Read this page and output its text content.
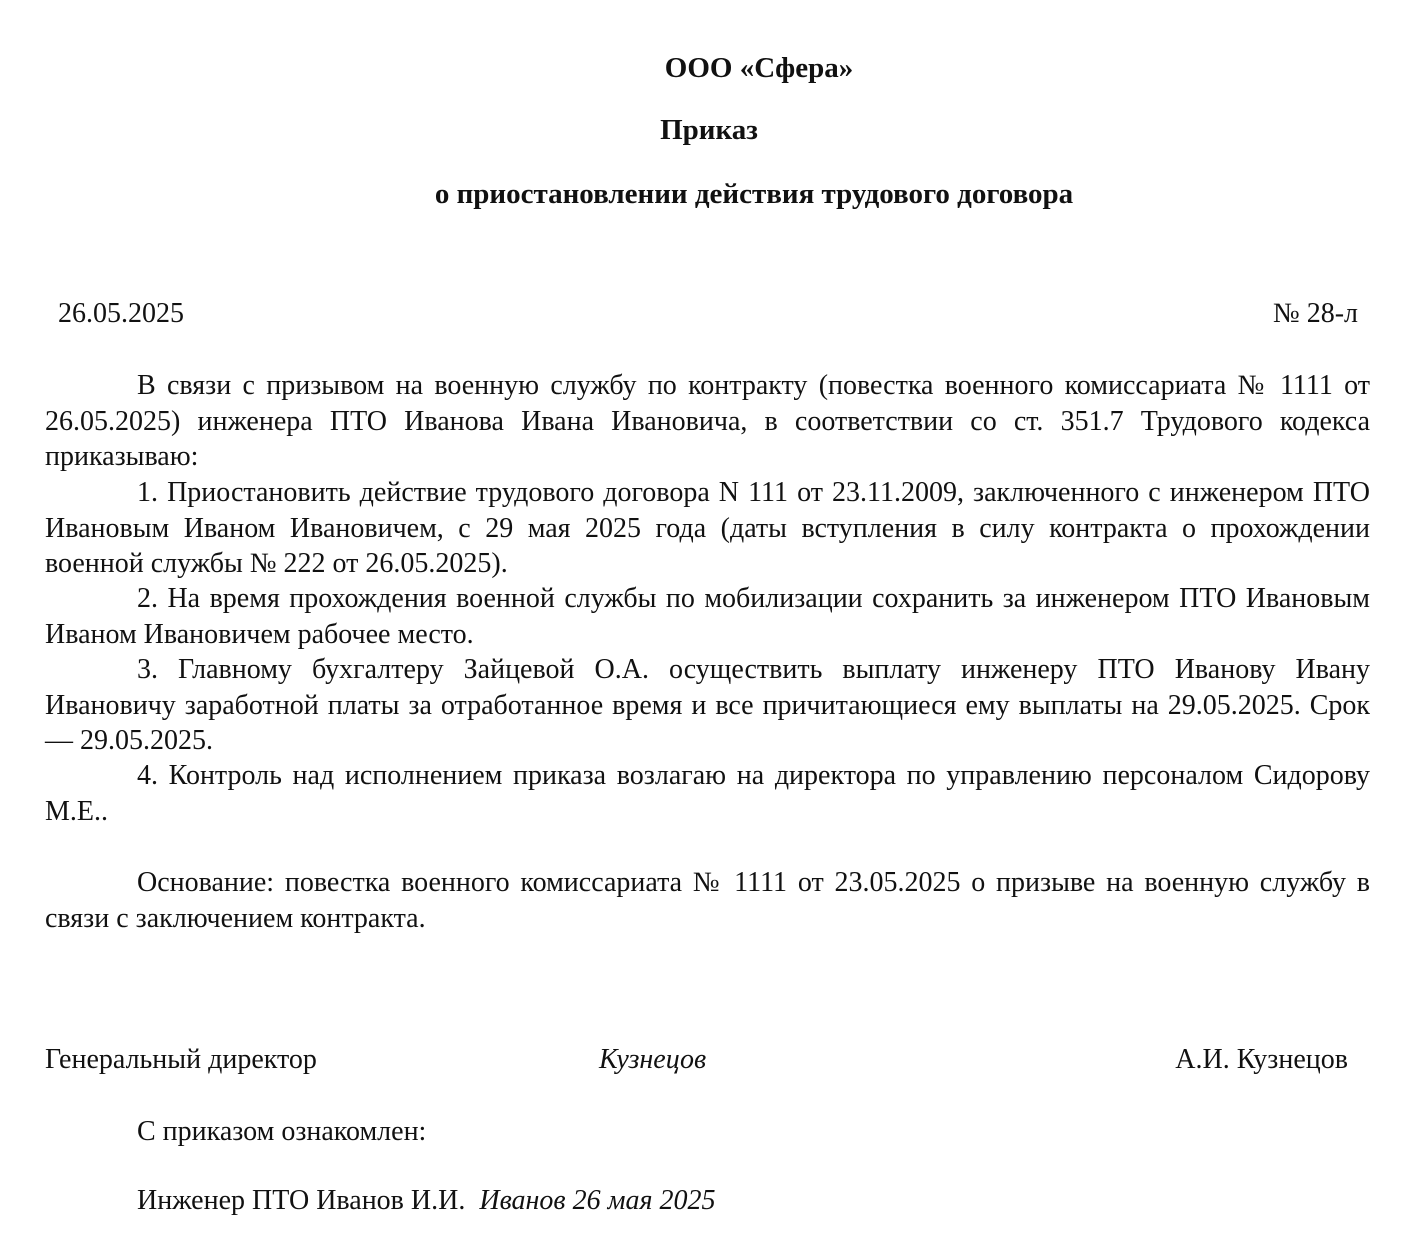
ООО «Сфера»
Приказ
о приостановлении действия трудового договора
26.05.2025	№ 28-л

В связи с призывом на военную службу по контракту (повестка военного комиссариата № 1111 от 26.05.2025) инженера ПТО Иванова Ивана Ивановича, в соответствии со ст. 351.7 Трудового кодекса приказываю:

1. Приостановить действие трудового договора N 111 от 23.11.2009, заключенного с инженером ПТО Ивановым Иваном Ивановичем, с 29 мая 2025 года (даты вступления в силу контракта о прохождении военной службы № 222 от 26.05.2025).

2. На время прохождения военной службы по мобилизации сохранить за инженером ПТО Ивановым Иваном Ивановичем рабочее место.

3. Главному бухгалтеру Зайцевой О.А. осуществить выплату инженеру ПТО Иванову Ивану Ивановичу заработной платы за отработанное время и все причитающиеся ему выплаты на 29.05.2025. Срок — 29.05.2025.

4. Контроль над исполнением приказа возлагаю на директора по управлению персоналом Сидорову М.Е..

Основание: повестка военного комиссариата № 1111 от 23.05.2025 о призыве на военную службу в связи с заключением контракта.

Генеральный директор	Кузнецов	А.И. Кузнецов
С приказом ознакомлен:
Инженер ПТО Иванов И.И. Иванов 26 мая 2025
